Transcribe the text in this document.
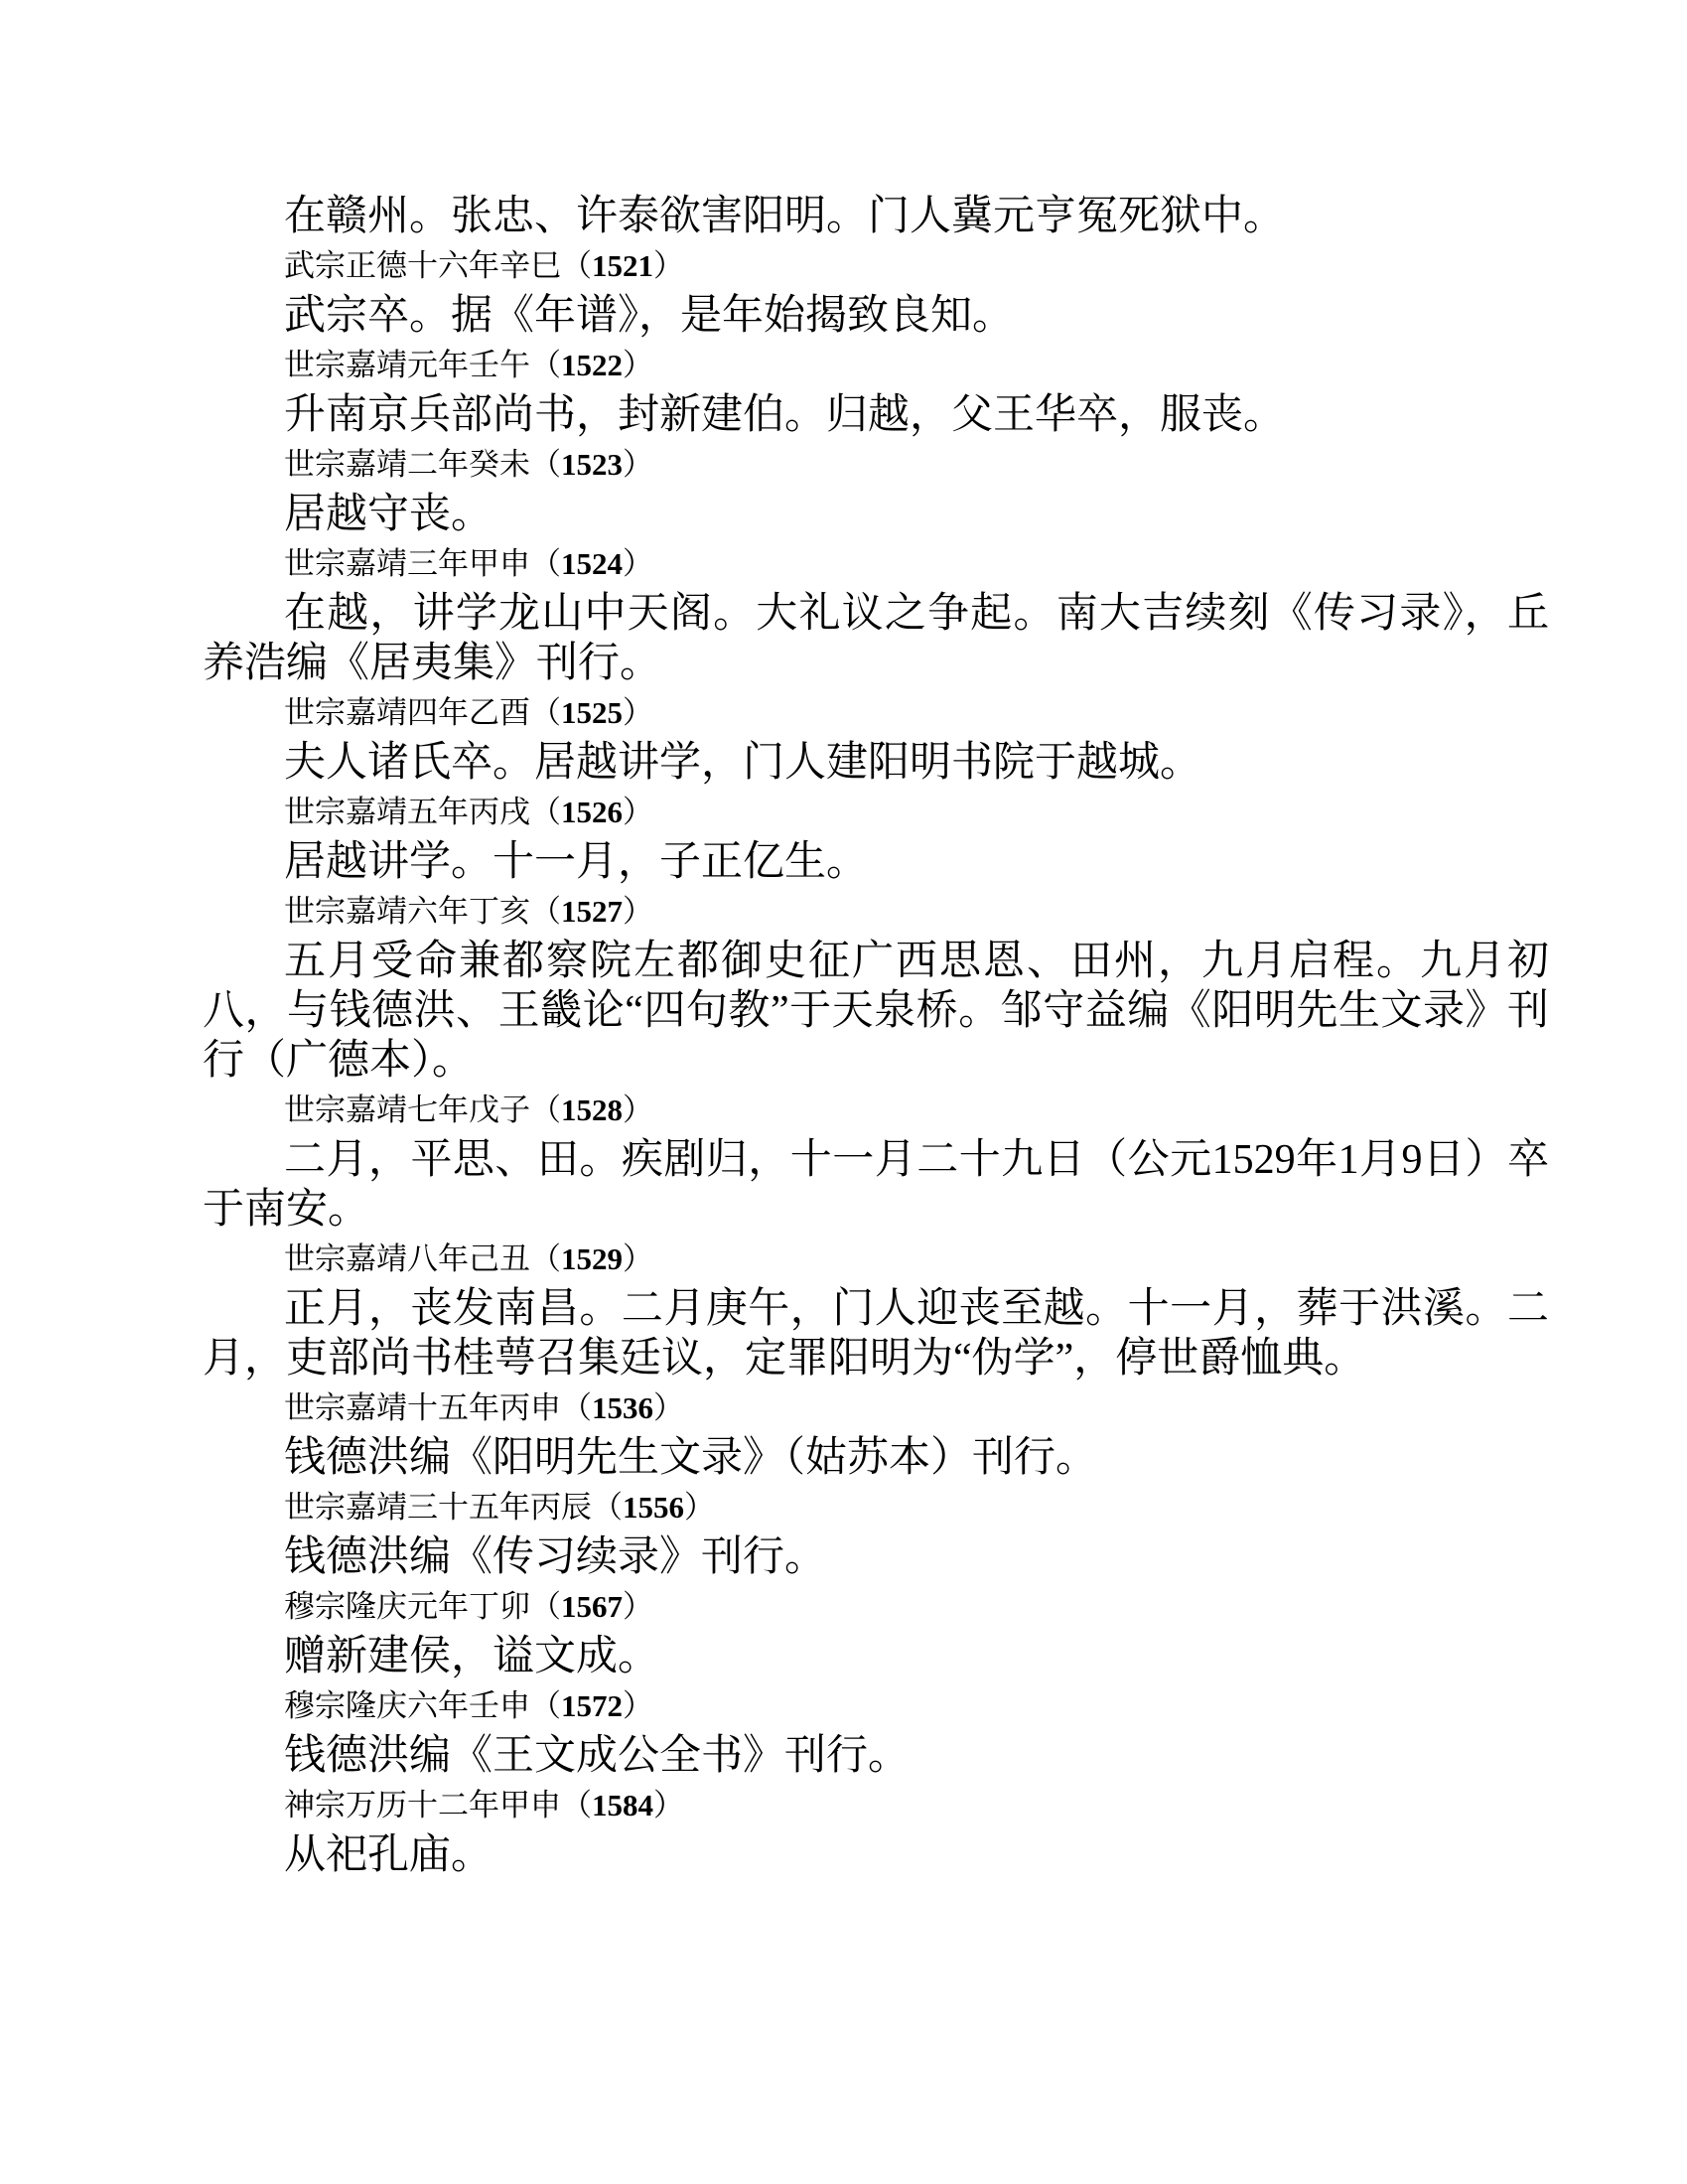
在赣州。张忠、许泰欲害阳明。门人冀元亨冤死狱中。

武宗正德十六年辛巳（1521）

武宗卒。据《年谱》，是年始揭致良知。

世宗嘉靖元年壬午（1522）

升南京兵部尚书，封新建伯。归越，父王华卒，服丧。

世宗嘉靖二年癸未（1523）

居越守丧。

世宗嘉靖三年甲申（1524）

在越，讲学龙山中天阁。大礼议之争起。南大吉续刻《传习录》，丘养浩编《居夷集》刊行。

世宗嘉靖四年乙酉（1525）

夫人诸氏卒。居越讲学，门人建阳明书院于越城。

世宗嘉靖五年丙戌（1526）

居越讲学。十一月，子正亿生。

世宗嘉靖六年丁亥（1527）

五月受命兼都察院左都御史征广西思恩、田州，九月启程。九月初八，与钱德洪、王畿论“四句教”于天泉桥。邹守益编《阳明先生文录》刊行（广德本）。

世宗嘉靖七年戊子（1528）

二月，平思、田。疾剧归，十一月二十九日（公元1529年1月9日）卒于南安。

世宗嘉靖八年己丑（1529）

正月，丧发南昌。二月庚午，门人迎丧至越。十一月，葬于洪溪。二月，吏部尚书桂萼召集廷议，定罪阳明为“伪学”，停世爵恤典。

世宗嘉靖十五年丙申（1536）

钱德洪编《阳明先生文录》（姑苏本）刊行。

世宗嘉靖三十五年丙辰（1556）

钱德洪编《传习续录》刊行。

穆宗隆庆元年丁卯（1567）

赠新建侯，谥文成。

穆宗隆庆六年壬申（1572）

钱德洪编《王文成公全书》刊行。

神宗万历十二年甲申（1584）

从祀孔庙。
